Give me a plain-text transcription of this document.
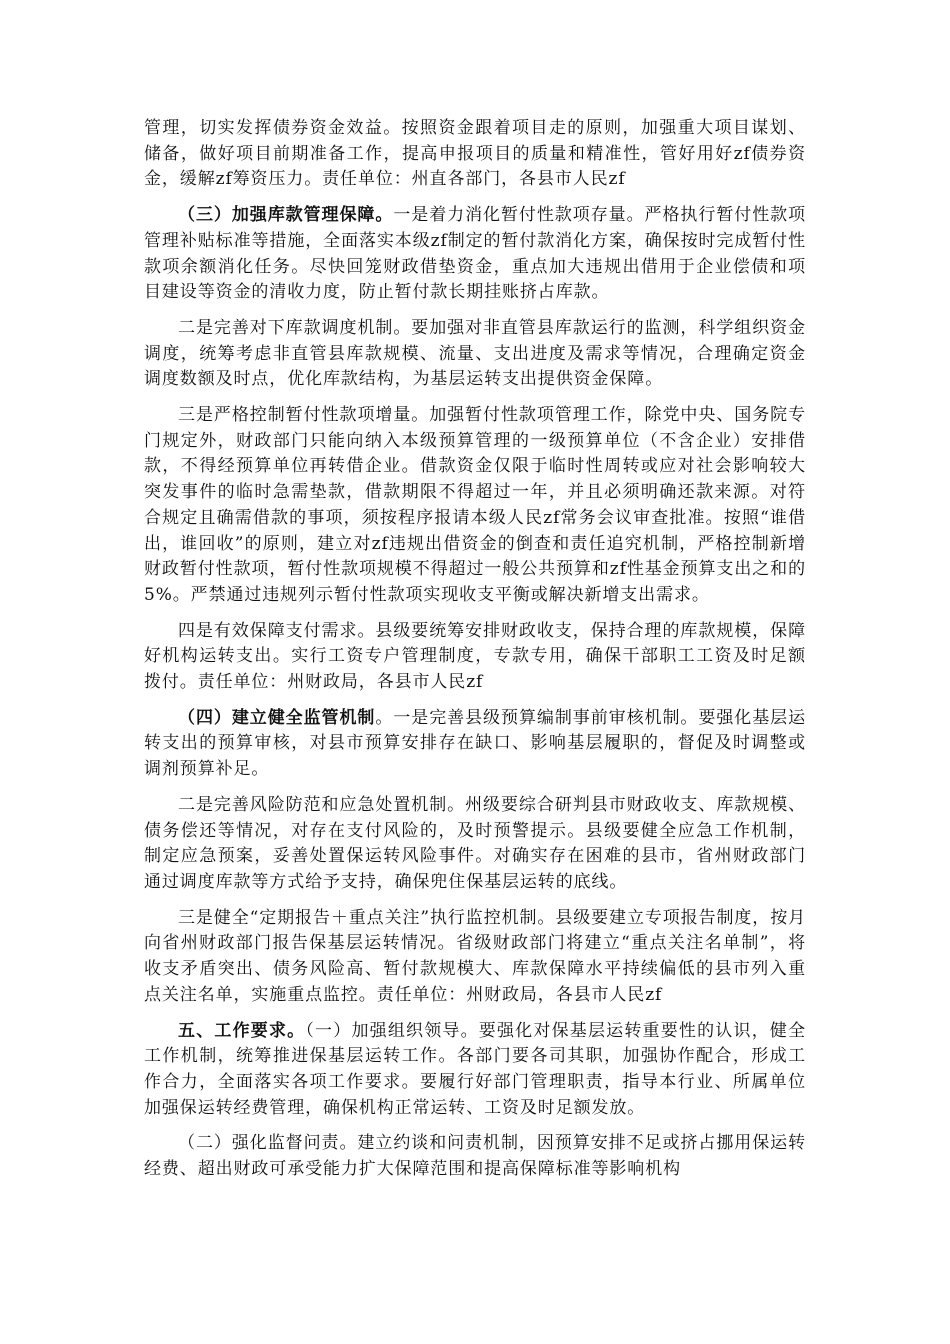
管理，切实发挥债券资金效益。按照资金跟着项目走的原则，加强重大项目谋划、储备，做好项目前期准备工作，提高申报项目的质量和精准性，管好用好zf债券资金，缓解zf筹资压力。责任单位：州直各部门，各县市人民zf

（三）加强库款管理保障。一是着力消化暂付性款项存量。严格执行暂付性款项管理补贴标准等措施，全面落实本级zf制定的暂付款消化方案，确保按时完成暂付性款项余额消化任务。尽快回笼财政借垫资金，重点加大违规出借用于企业偿债和项目建设等资金的清收力度，防止暂付款长期挂账挤占库款。

二是完善对下库款调度机制。要加强对非直管县库款运行的监测，科学组织资金调度，统筹考虑非直管县库款规模、流量、支出进度及需求等情况，合理确定资金调度数额及时点，优化库款结构，为基层运转支出提供资金保障。

三是严格控制暂付性款项增量。加强暂付性款项管理工作，除党中央、国务院专门规定外，财政部门只能向纳入本级预算管理的一级预算单位（不含企业）安排借款，不得经预算单位再转借企业。借款资金仅限于临时性周转或应对社会影响较大突发事件的临时急需垫款，借款期限不得超过一年，并且必须明确还款来源。对符合规定且确需借款的事项，须按程序报请本级人民zf常务会议审查批准。按照“谁借出，谁回收”的原则，建立对zf违规出借资金的倒查和责任追究机制，严格控制新增财政暂付性款项，暂付性款项规模不得超过一般公共预算和zf性基金预算支出之和的5%。严禁通过违规列示暂付性款项实现收支平衡或解决新增支出需求。

四是有效保障支付需求。县级要统筹安排财政收支，保持合理的库款规模，保障好机构运转支出。实行工资专户管理制度，专款专用，确保干部职工工资及时足额拨付。责任单位：州财政局，各县市人民zf

（四）建立健全监管机制。一是完善县级预算编制事前审核机制。要强化基层运转支出的预算审核，对县市预算安排存在缺口、影响基层履职的，督促及时调整或调剂预算补足。

二是完善风险防范和应急处置机制。州级要综合研判县市财政收支、库款规模、债务偿还等情况，对存在支付风险的，及时预警提示。县级要健全应急工作机制，制定应急预案，妥善处置保运转风险事件。对确实存在困难的县市，省州财政部门通过调度库款等方式给予支持，确保兜住保基层运转的底线。

三是健全“定期报告＋重点关注”执行监控机制。县级要建立专项报告制度，按月向省州财政部门报告保基层运转情况。省级财政部门将建立“重点关注名单制”，将收支矛盾突出、债务风险高、暂付款规模大、库款保障水平持续偏低的县市列入重点关注名单，实施重点监控。责任单位：州财政局，各县市人民zf

五、工作要求。（一）加强组织领导。要强化对保基层运转重要性的认识，健全工作机制，统筹推进保基层运转工作。各部门要各司其职，加强协作配合，形成工作合力，全面落实各项工作要求。要履行好部门管理职责，指导本行业、所属单位加强保运转经费管理，确保机构正常运转、工资及时足额发放。

（二）强化监督问责。建立约谈和问责机制，因预算安排不足或挤占挪用保运转经费、超出财政可承受能力扩大保障范围和提高保障标准等影响机构
